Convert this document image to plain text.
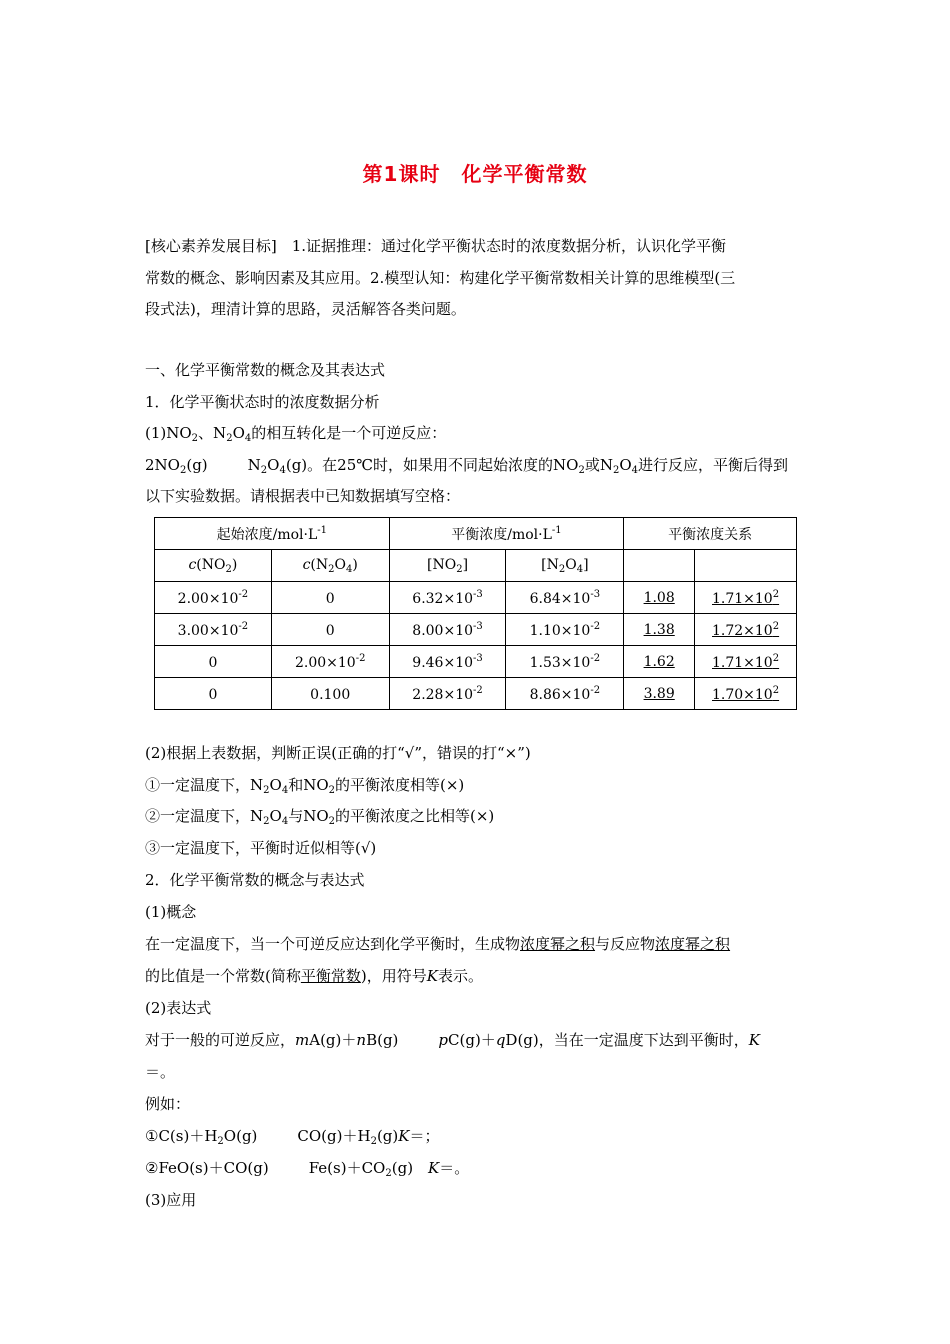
第1课时　化学平衡常数
[核心素养发展目标]　1.证据推理：通过化学平衡状态时的浓度数据分析，认识化学平衡
常数的概念、影响因素及其应用。2.模型认知：构建化学平衡常数相关计算的思维模型(三
段式法)，理清计算的思路，灵活解答各类问题。
一、化学平衡常数的概念及其表达式
1．化学平衡状态时的浓度数据分析
$(1)NO_2$、$N_2O_4$的相互转化是一个可逆反应：
$2NO_2(g)$	$N_2O_4(g)$。在25℃时，如果用不同起始浓度的$NO_2$或$N_2O_4$进行反应，平衡后得到
以下实验数据。请根据表中已知数据填写空格：
起始浓度$/mol\cdot L^{-1}$		平衡浓度$/mol\cdot L^{-1}$		平衡浓度关系	
$c(NO_2)$	$c(N_2O_4)$	$[NO_2]$	$[N_2O_4]$		
$2.00\times 10^{-2}$	0	$6.32\times 10^{-3}$	$6.84\times 10^{-3}$	1.08	$1.71\times 10^2$
$3.00\times 10^{-2}$	0	$8.00\times 10^{-3}$	$1.10\times 10^{-2}$	1.38	$1.72\times 10^2$
0	$2.00\times 10^{-2}$	$9.46\times 10^{-3}$	$1.53\times 10^{-2}$	1.62	$1.71\times 10^2$
0	0.100	$2.28\times 10^{-2}$	$8.86\times 10^{-2}$	3.89	$1.70\times 10^2$
(2)根据上表数据，判断正误(正确的打“√”，错误的打“×”)
①一定温度下，$N_2O_4$和$NO_2$的平衡浓度相等(×)
②一定温度下，$N_2O_4$与$NO_2$的平衡浓度之比相等(×)
③一定温度下，平衡时近似相等(√)
2．化学平衡常数的概念与表达式
(1)概念
在一定温度下，当一个可逆反应达到化学平衡时，生成物浓度幂之积与反应物浓度幂之积
的比值是一个常数(简称平衡常数)，用符号K表示。
(2)表达式
对于一般的可逆反应，mA(g)＋nB(g)	pC(g)＋qD(g)，当在一定温度下达到平衡时，K
＝。
例如：
$①C(s)+H_2O(g)$	$CO(g)+H_2(g)K=$；
②FeO(s)＋CO(g)	$Fe(s)+CO_2(g)$　K＝。
(3)应用
